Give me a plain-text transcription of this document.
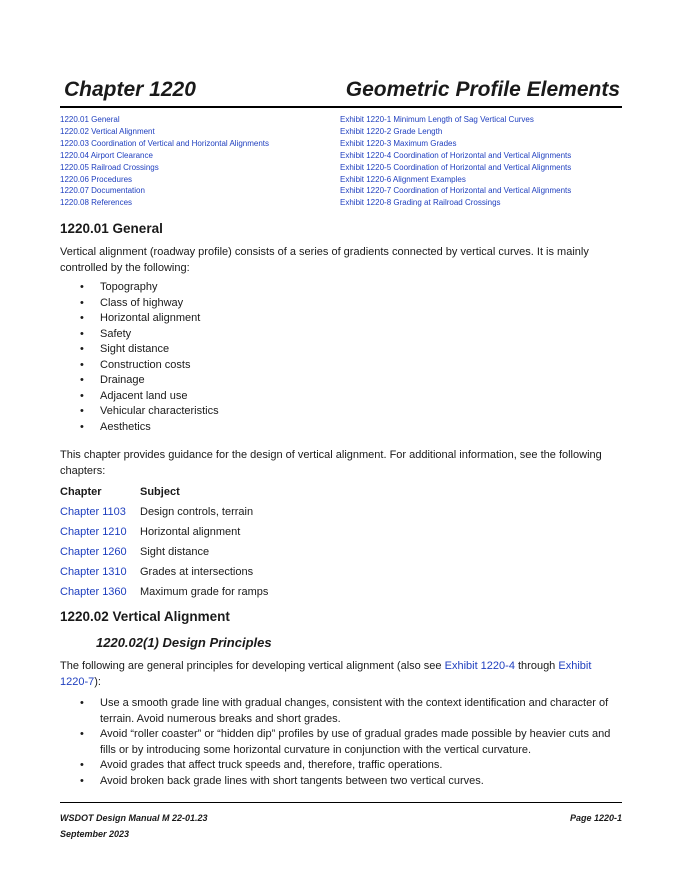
Chapter 1220	Geometric Profile Elements
1220.01 General
1220.02 Vertical Alignment
1220.03 Coordination of Vertical and Horizontal Alignments
1220.04 Airport Clearance
1220.05 Railroad Crossings
1220.06 Procedures
1220.07 Documentation
1220.08 References
Exhibit 1220-1 Minimum Length of Sag Vertical Curves
Exhibit 1220-2 Grade Length
Exhibit 1220-3 Maximum Grades
Exhibit 1220-4 Coordination of Horizontal and Vertical Alignments
Exhibit 1220-5 Coordination of Horizontal and Vertical Alignments
Exhibit 1220-6 Alignment Examples
Exhibit 1220-7 Coordination of Horizontal and Vertical Alignments
Exhibit 1220-8 Grading at Railroad Crossings
1220.01 General

Vertical alignment (roadway profile) consists of a series of gradients connected by vertical curves. It is mainly controlled by the following:

• Topography
• Class of highway
• Horizontal alignment
• Safety
• Sight distance
• Construction costs
• Drainage
• Adjacent land use
• Vehicular characteristics
• Aesthetics

This chapter provides guidance for the design of vertical alignment. For additional information, see the following chapters:

Chapter	Subject
Chapter 1103	Design controls, terrain
Chapter 1210	Horizontal alignment
Chapter 1260	Sight distance
Chapter 1310	Grades at intersections
Chapter 1360	Maximum grade for ramps
1220.02 Vertical Alignment
1220.02(1) Design Principles

The following are general principles for developing vertical alignment (also see Exhibit 1220-4 through Exhibit 1220-7):

• Use a smooth grade line with gradual changes, consistent with the context identification and character of terrain. Avoid numerous breaks and short grades.
• Avoid “roller coaster” or “hidden dip” profiles by use of gradual grades made possible by heavier cuts and fills or by introducing some horizontal curvature in conjunction with the vertical curvature.
• Avoid grades that affect truck speeds and, therefore, traffic operations.
• Avoid broken back grade lines with short tangents between two vertical curves.
WSDOT Design Manual M 22-01.23
September 2023
Page 1220-1
